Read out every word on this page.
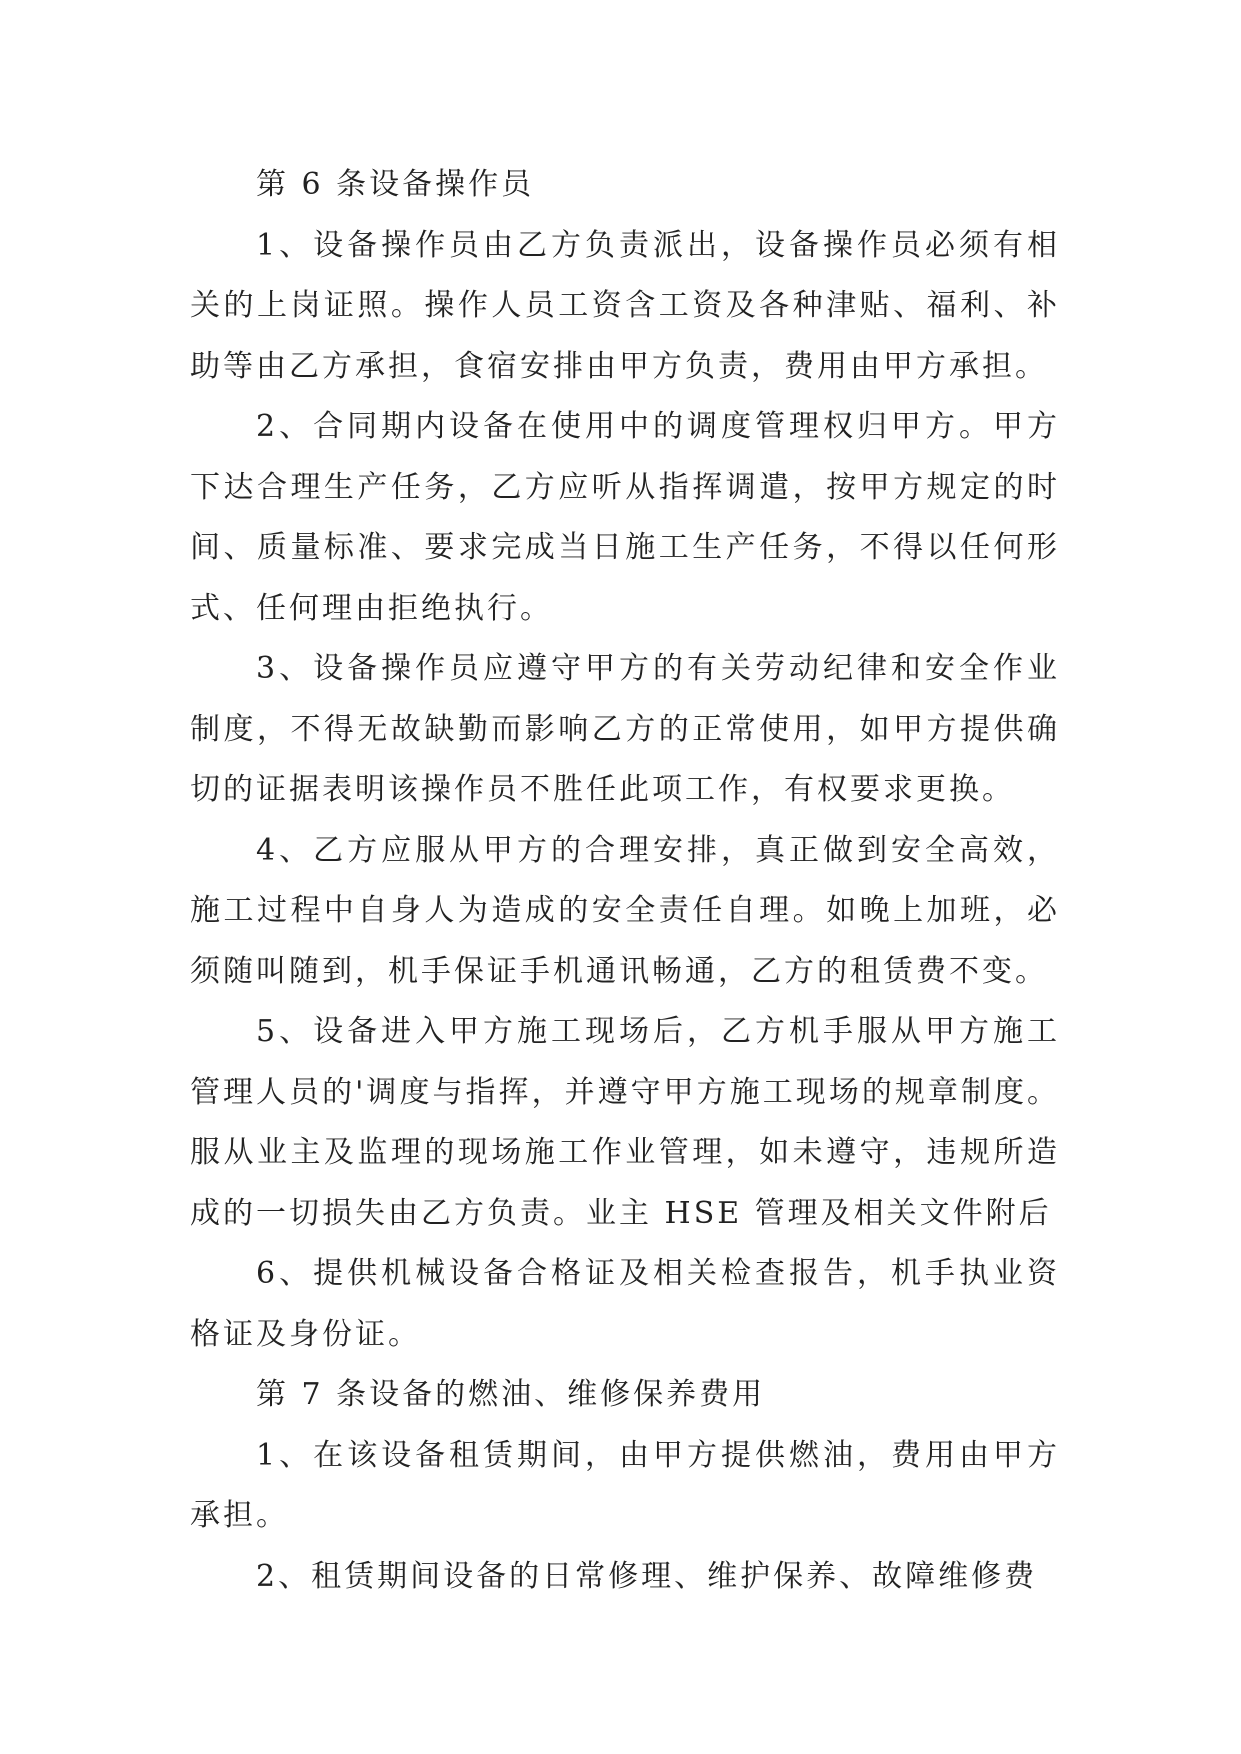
第 6 条设备操作员

1、设备操作员由乙方负责派出，设备操作员必须有相关的上岗证照。操作人员工资含工资及各种津贴、福利、补助等由乙方承担，食宿安排由甲方负责，费用由甲方承担。

2、合同期内设备在使用中的调度管理权归甲方。甲方下达合理生产任务，乙方应听从指挥调遣，按甲方规定的时间、质量标准、要求完成当日施工生产任务，不得以任何形式、任何理由拒绝执行。

3、设备操作员应遵守甲方的有关劳动纪律和安全作业制度，不得无故缺勤而影响乙方的正常使用，如甲方提供确切的证据表明该操作员不胜任此项工作，有权要求更换。

4、乙方应服从甲方的合理安排，真正做到安全高效，施工过程中自身人为造成的安全责任自理。如晚上加班，必须随叫随到，机手保证手机通讯畅通，乙方的租赁费不变。

5、设备进入甲方施工现场后，乙方机手服从甲方施工管理人员的'调度与指挥，并遵守甲方施工现场的规章制度。服从业主及监理的现场施工作业管理，如未遵守，违规所造成的一切损失由乙方负责。业主 HSE 管理及相关文件附后

6、提供机械设备合格证及相关检查报告，机手执业资格证及身份证。

第 7 条设备的燃油、维修保养费用

1、在该设备租赁期间，由甲方提供燃油，费用由甲方承担。

2、租赁期间设备的日常修理、维护保养、故障维修费
